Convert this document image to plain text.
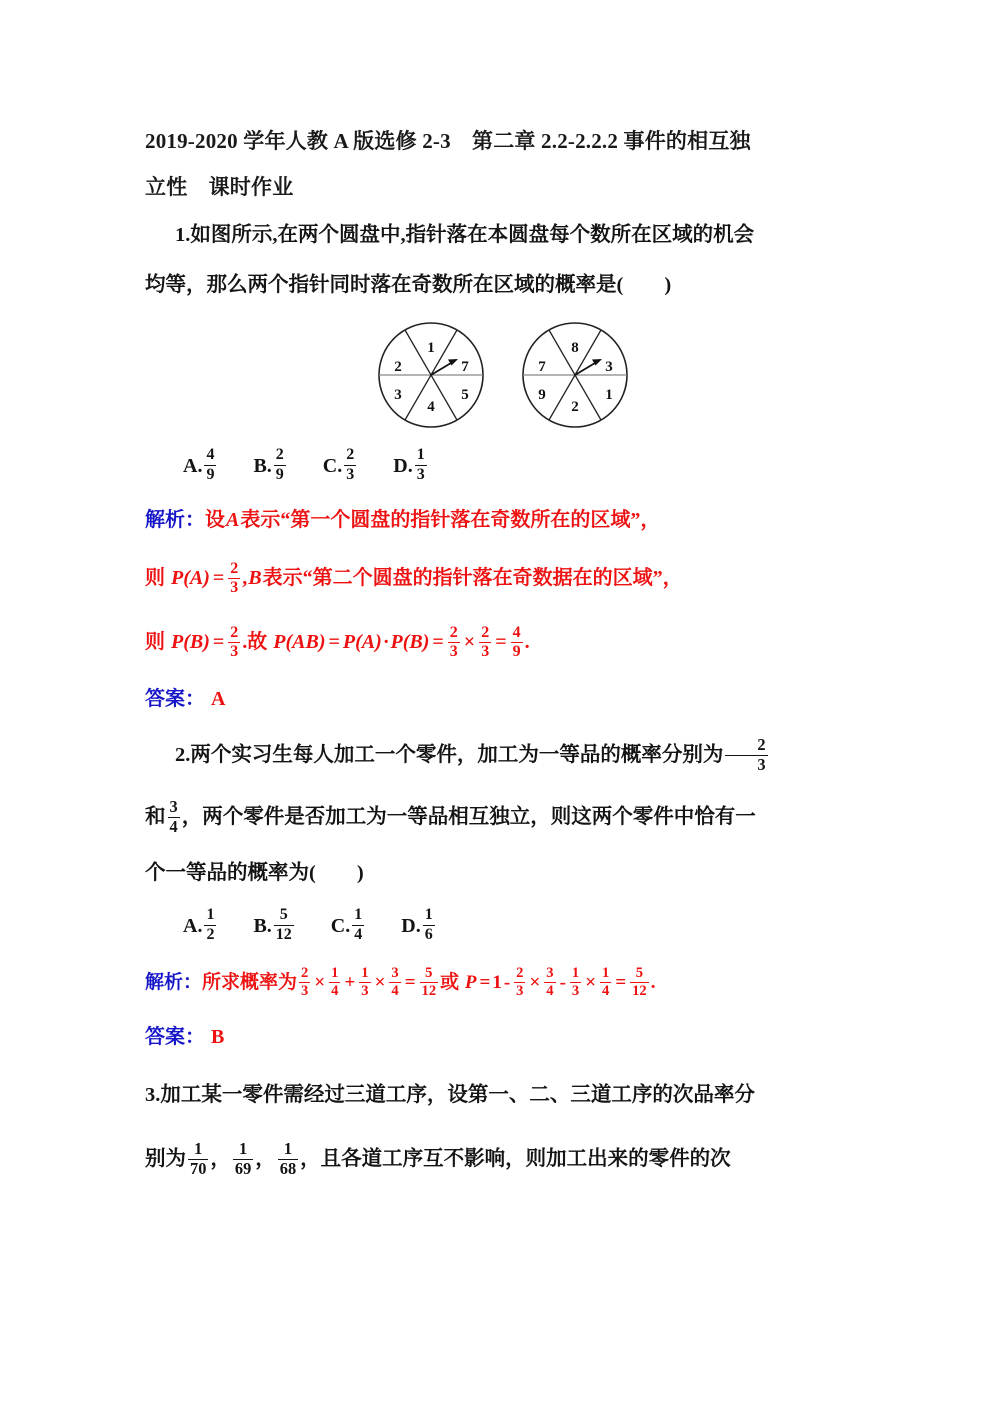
2019-2020 学年人教 A 版选修 2-3　第二章 2.2-2.2.2 事件的相互独
立性　课时作业
1.如图所示,在两个圆盘中,指针落在本圆盘每个数所在区域的机会
均等，那么两个指针同时落在奇数所在区域的概率是(　　)
1
7
5
4
3
2
8
3
1
2
9
7
A. $\frac{4}{9}$
B. $\frac{2}{9}$
C. $\frac{2}{3}$
D. $\frac{1}{3}$
解析：设A表示“第一个圆盘的指针落在奇数所在的区域”，
则 $P(A) = \frac{2}{3} ,B$表示“第二个圆盘的指针落在奇数据在的区域”，
则 $P(B) = \frac{2}{3}$ .故 $P(AB) = P(A)\cdot P(B) = \frac{2}{3} \times \frac{2}{3} = \frac{4}{9}$ .
答案： A
2.两个实习生每人加工一个零件，加工为一等品的概率分别为 $\frac{2}{3}$
和 $\frac{3}{4}$ ，两个零件是否加工为一等品相互独立，则这两个零件中恰有一
个一等品的概率为(　　)
A. $\frac{1}{2}$
B. $\frac{5}{12}$
C. $\frac{1}{4}$
D. $\frac{1}{6}$
解析：所求概率为 $\frac{2}{3} \times \frac{1}{4} + \frac{1}{3} \times \frac{3}{4} = \frac{5}{12}$ 或 $P = 1 - \frac{2}{3} \times \frac{3}{4} - \frac{1}{3} \times \frac{1}{4} = \frac{5}{12}$ .
答案： B
3.加工某一零件需经过三道工序，设第一、二、三道工序的次品率分
别为 $\frac{1}{70}$ ， $\frac{1}{69}$ ， $\frac{1}{68}$ ，且各道工序互不影响，则加工出来的零件的次
